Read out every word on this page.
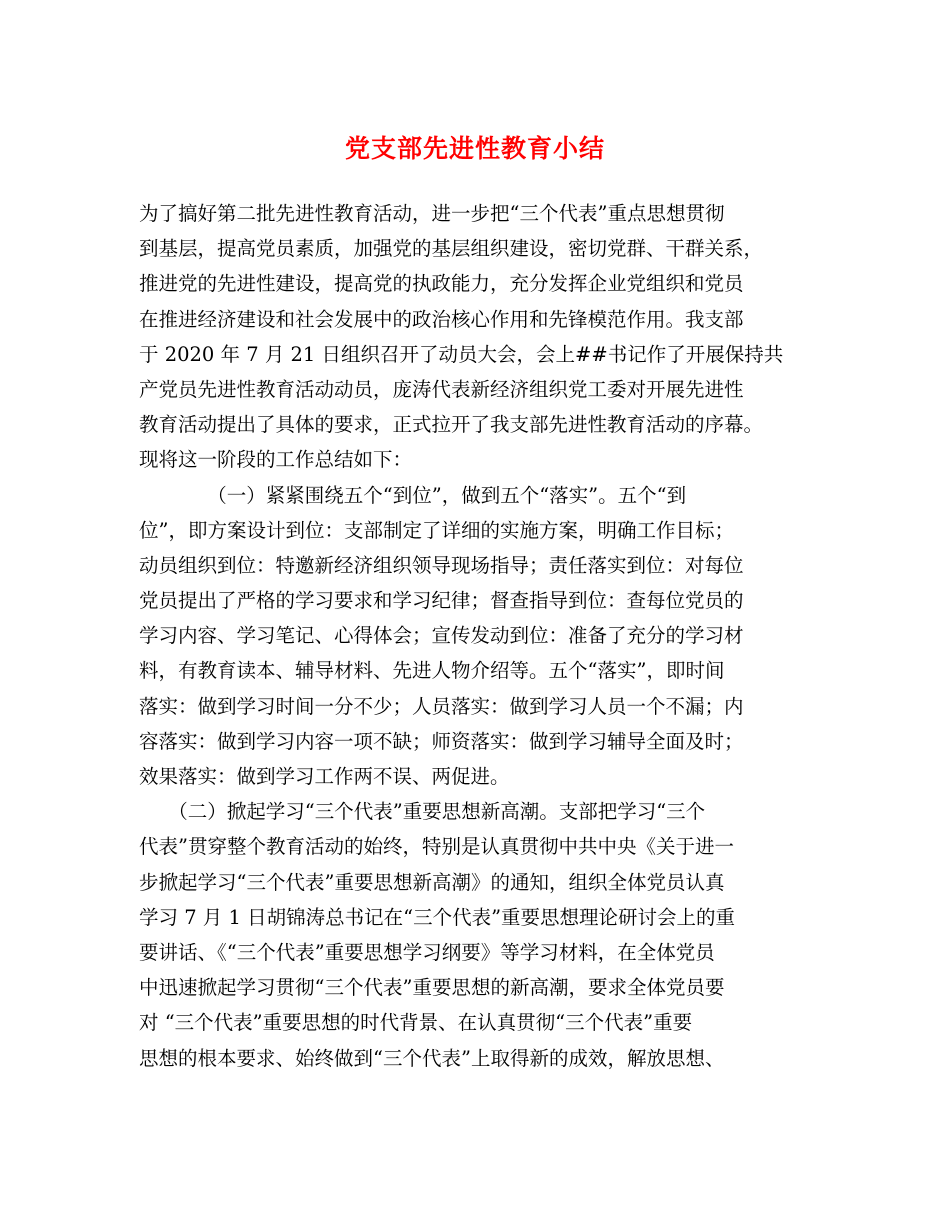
党支部先进性教育小结
为了搞好第二批先进性教育活动，进一步把“三个代表”重点思想贯彻
到基层，提高党员素质，加强党的基层组织建设，密切党群、干群关系，
推进党的先进性建设，提高党的执政能力，充分发挥企业党组织和党员
在推进经济建设和社会发展中的政治核心作用和先锋模范作用。我支部
于 2020 年 7 月 21 日组织召开了动员大会，会上##书记作了开展保持共
产党员先进性教育活动动员，庞涛代表新经济组织党工委对开展先进性
教育活动提出了具体的要求，正式拉开了我支部先进性教育活动的序幕。
现将这一阶段的工作总结如下：
　　　　（一）紧紧围绕五个“到位”，做到五个“落实”。五个“到
位”，即方案设计到位：支部制定了详细的实施方案，明确工作目标；
动员组织到位：特邀新经济组织领导现场指导；责任落实到位：对每位
党员提出了严格的学习要求和学习纪律；督查指导到位：查每位党员的
学习内容、学习笔记、心得体会；宣传发动到位：准备了充分的学习材
料，有教育读本、辅导材料、先进人物介绍等。五个“落实”，即时间
落实：做到学习时间一分不少；人员落实：做到学习人员一个不漏；内
容落实：做到学习内容一项不缺；师资落实：做到学习辅导全面及时；
效果落实：做到学习工作两不误、两促进。
　　（二）掀起学习“三个代表”重要思想新高潮。支部把学习“三个
代表”贯穿整个教育活动的始终，特别是认真贯彻中共中央《关于进一
步掀起学习“三个代表”重要思想新高潮》的通知，组织全体党员认真
学习 7 月 1 日胡锦涛总书记在“三个代表”重要思想理论研讨会上的重
要讲话、《“三个代表”重要思想学习纲要》等学习材料，在全体党员
中迅速掀起学习贯彻“三个代表”重要思想的新高潮，要求全体党员要
对 “三个代表”重要思想的时代背景、在认真贯彻“三个代表”重要
思想的根本要求、始终做到“三个代表”上取得新的成效，解放思想、
